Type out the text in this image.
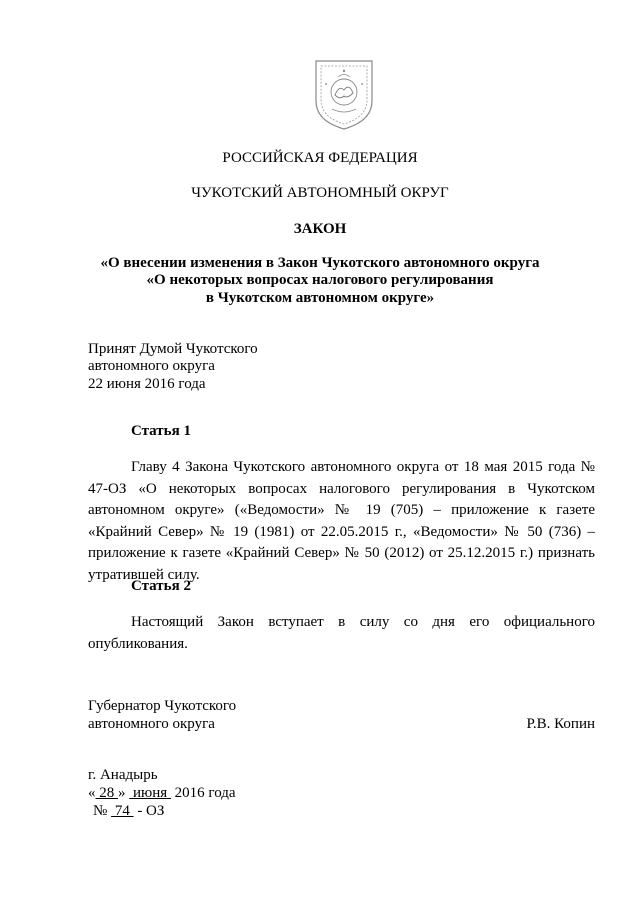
РОССИЙСКАЯ ФЕДЕРАЦИЯ
ЧУКОТСКИЙ АВТОНОМНЫЙ ОКРУГ
ЗАКОН
«О внесении изменения в Закон Чукотского автономного округа
«О некоторых вопросах налогового регулирования
в Чукотском автономном округе»
Принят Думой Чукотского
автономного округа
22 июня 2016 года
Статья 1
Главу 4 Закона Чукотского автономного округа от 18 мая 2015 года № 47-ОЗ «О некоторых вопросах налогового регулирования в Чукотском автономном округе» («Ведомости» № 19 (705) – приложение к газете «Крайний Север» № 19 (1981) от 22.05.2015 г., «Ведомости» № 50 (736) – приложение к газете «Крайний Север» № 50 (2012) от 25.12.2015 г.) признать утратившей силу.
Статья 2
Настоящий Закон вступает в силу со дня его официального опубликования.
Губернатор Чукотского
автономного округа	Р.В. Копин
г. Анадырь
« 28 »  июня  2016 года
№  74  - ОЗ
